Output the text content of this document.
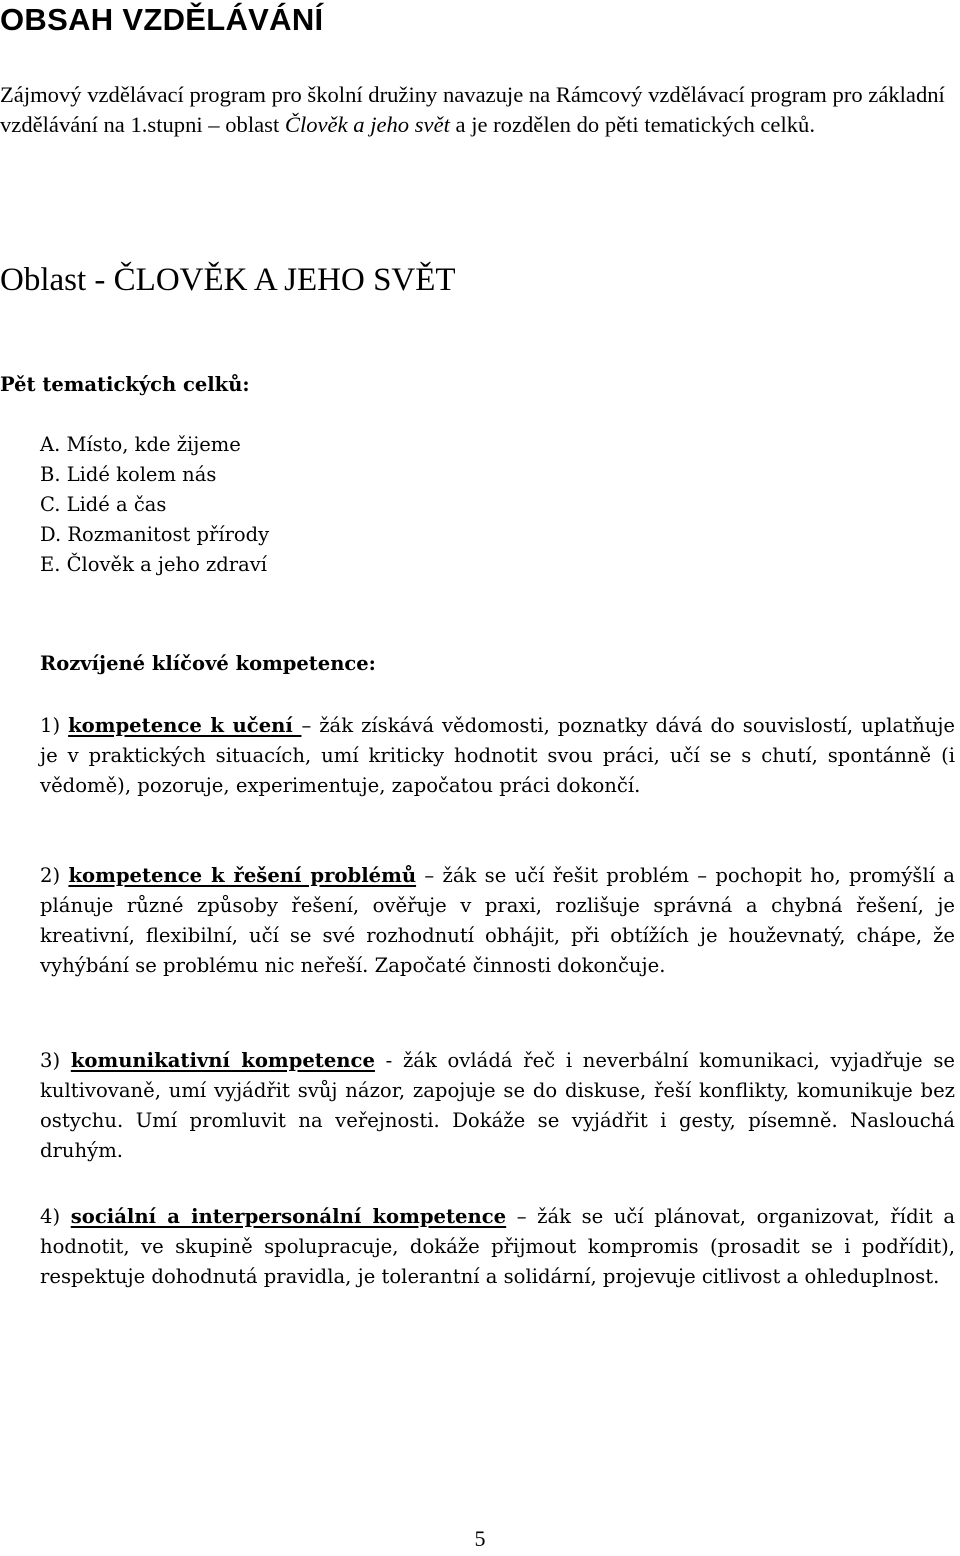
OBSAH VZDĚLÁVÁNÍ

Zájmový vzdělávací program pro školní družiny navazuje na Rámcový vzdělávací program pro základní vzdělávání na 1.stupni – oblast Člověk a jeho svět a je rozdělen do pěti tematických celků.

Oblast - ČLOVĚK A JEHO SVĚT

Pět tematických celků:

A. Místo, kde žijeme
B. Lidé kolem nás
C. Lidé a čas
D. Rozmanitost přírody
E. Člověk a jeho zdraví

Rozvíjené klíčové kompetence:

1) kompetence k učení – žák získává vědomosti, poznatky dává do souvislostí, uplatňuje je v praktických situacích, umí kriticky hodnotit svou práci, učí se s chutí, spontánně (i vědomě), pozoruje, experimentuje, započatou práci dokončí.

2) kompetence k řešení problémů – žák se učí řešit problém – pochopit ho, promýšlí a plánuje různé způsoby řešení, ověřuje v praxi, rozlišuje správná a chybná řešení, je kreativní, flexibilní, učí se své rozhodnutí obhájit, při obtížích je houževnatý, chápe, že vyhýbání se problému nic neřeší. Započaté činnosti dokončuje.

3) komunikativní kompetence - žák ovládá řeč i neverbální komunikaci, vyjadřuje se kultivovaně, umí vyjádřit svůj názor, zapojuje se do diskuse, řeší konflikty, komunikuje bez ostychu. Umí promluvit na veřejnosti. Dokáže se vyjádřit i gesty, písemně. Naslouchá druhým.

4) sociální a interpersonální kompetence – žák se učí plánovat, organizovat, řídit a hodnotit, ve skupině spolupracuje, dokáže přijmout kompromis (prosadit se i podřídit), respektuje dohodnutá pravidla, je tolerantní a solidární, projevuje citlivost a ohleduplnost.

5
